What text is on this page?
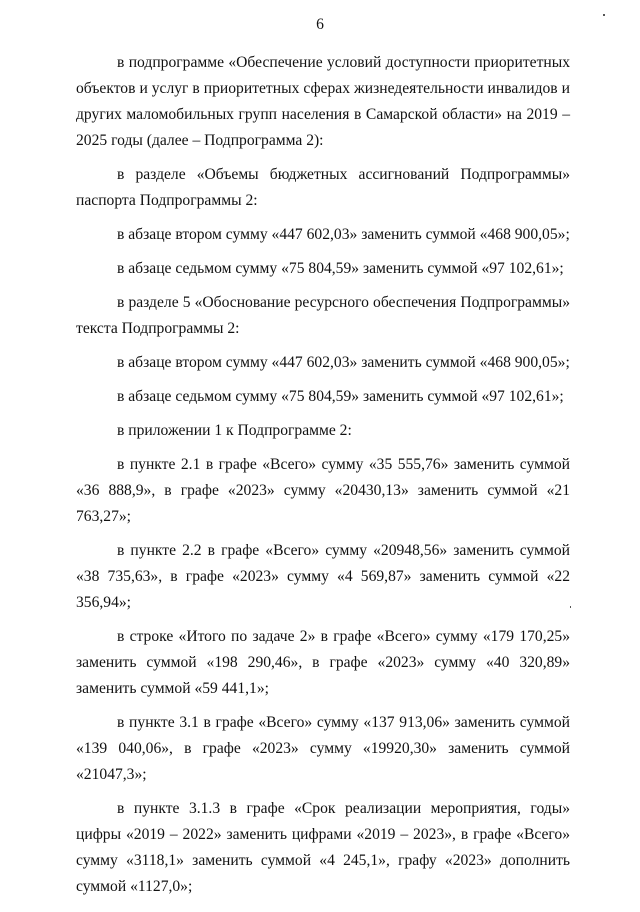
6

в подпрограмме «Обеспечение условий доступности приоритетных объектов и услуг в приоритетных сферах жизнедеятельности инвалидов и других маломобильных групп населения в Самарской области» на 2019 – 2025 годы (далее – Подпрограмма 2):

в разделе «Объемы бюджетных ассигнований Подпрограммы» паспорта Подпрограммы 2:

в абзаце втором сумму «447 602,03» заменить суммой «468 900,05»;

в абзаце седьмом сумму «75 804,59» заменить суммой «97 102,61»;

в разделе 5 «Обоснование ресурсного обеспечения Подпрограммы» текста Подпрограммы 2:

в абзаце втором сумму «447 602,03» заменить суммой «468 900,05»;

в абзаце седьмом сумму «75 804,59» заменить суммой «97 102,61»;

в приложении 1 к Подпрограмме 2:

в пункте 2.1 в графе «Всего» сумму «35 555,76» заменить суммой «36 888,9», в графе «2023» сумму «20430,13» заменить суммой «21 763,27»;

в пункте 2.2 в графе «Всего» сумму «20948,56» заменить суммой «38 735,63», в графе «2023» сумму «4 569,87» заменить суммой «22 356,94»;

в строке «Итого по задаче 2» в графе «Всего» сумму «179 170,25» заменить суммой «198 290,46», в графе «2023» сумму «40 320,89» заменить суммой «59 441,1»;

в пункте 3.1 в графе «Всего» сумму «137 913,06» заменить суммой «139 040,06», в графе «2023» сумму «19920,30» заменить суммой «21047,3»;

в пункте 3.1.3 в графе «Срок реализации мероприятия, годы» цифры «2019 – 2022» заменить цифрами «2019 – 2023», в графе «Всего» сумму «3118,1» заменить суммой «4 245,1», графу «2023» дополнить суммой «1127,0»;
